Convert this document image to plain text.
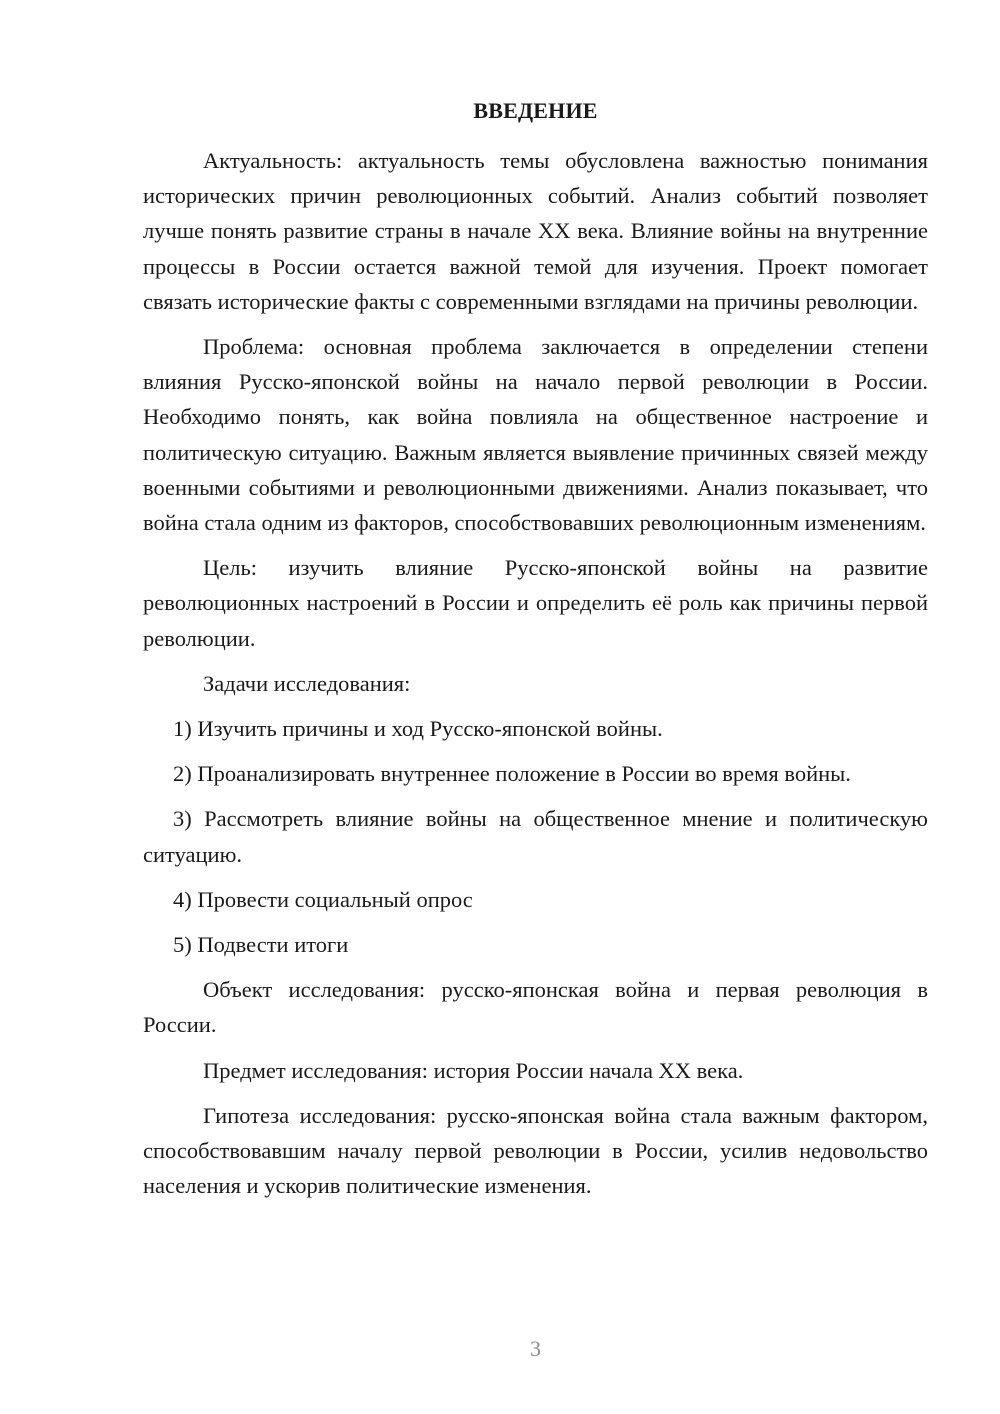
ВВЕДЕНИЕ

Актуальность: актуальность темы обусловлена важностью понимания исторических причин революционных событий. Анализ событий позволяет лучше понять развитие страны в начале XX века. Влияние войны на внутренние процессы в России остается важной темой для изучения. Проект помогает связать исторические факты с современными взглядами на причины революции.

Проблема: основная проблема заключается в определении степени влияния Русско-японской войны на начало первой революции в России. Необходимо понять, как война повлияла на общественное настроение и политическую ситуацию. Важным является выявление причинных связей между военными событиями и революционными движениями. Анализ показывает, что война стала одним из факторов, способствовавших революционным изменениям.

Цель: изучить влияние Русско-японской войны на развитие революционных настроений в России и определить её роль как причины первой революции.

Задачи исследования:

1) Изучить причины и ход Русско-японской войны.

2) Проанализировать внутреннее положение в России во время войны.

3) Рассмотреть влияние войны на общественное мнение и политическую ситуацию.

4) Провести социальный опрос

5) Подвести итоги

Объект исследования: русско-японская война и первая революция в России.

Предмет исследования: история России начала XX века.

Гипотеза исследования: русско-японская война стала важным фактором, способствовавшим началу первой революции в России, усилив недовольство населения и ускорив политические изменения.

3
